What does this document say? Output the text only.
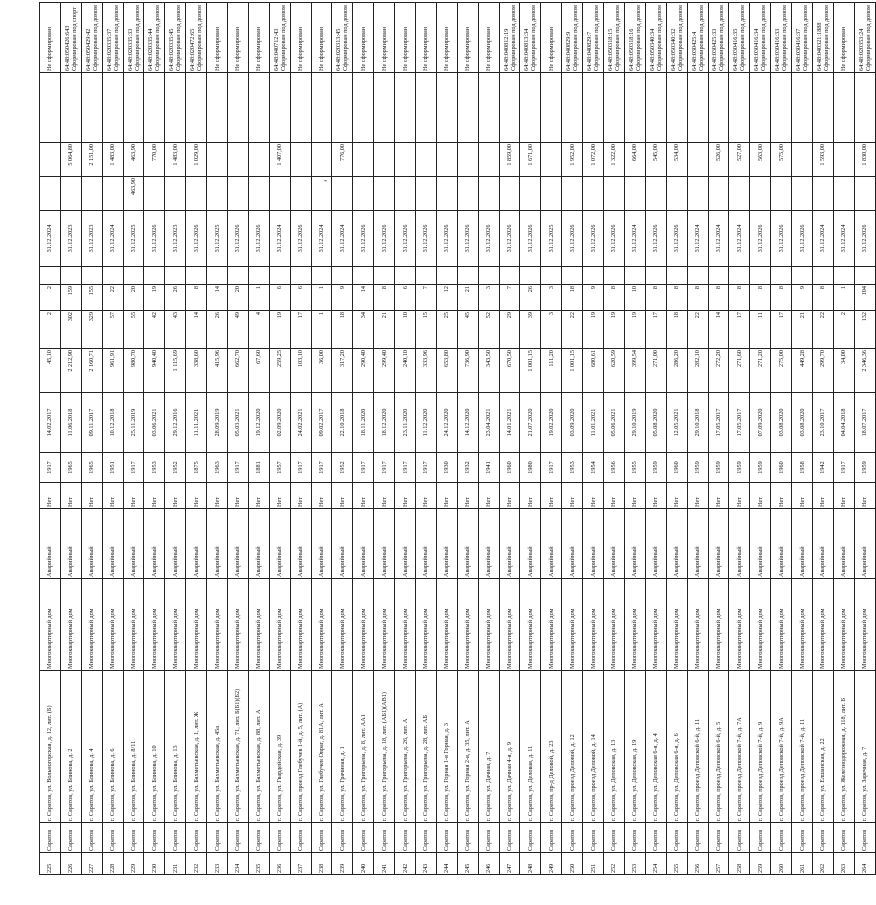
-
225	Саратов	г. Саратов, ул. Вольногорская, д. 12, лит. (Б)	Многоквартирный дом	Аварийный	Нет	1917	14.02.2017	45,10	2	2		31.12.2024				Не сформирован
226	Саратов	г. Саратов, ул. Блинова, д. 2	Многоквартирный дом	Аварийный	Нет	1965	11.06.2018	2 212,90	302	159		31.12.2023		5 064,80		64:48:050426:643 Сформирован под спорт
227	Саратов	г. Саратов, ул. Блинова, д. 4	Многоквартирный дом	Аварийный	Нет	1965	09.11.2017	2 160,71	329	155		31.12.2023		2 151,00		64:48:050429:42 Сформирован под домом
228	Саратов	г. Саратов, ул. Блинова, д. 6	Многоквартирный дом	Аварийный	Нет	1951	10.12.2018	961,91	57	22		31.12.2024		1 483,00		64:48:020335:37 Сформирован под домом
229	Саратов	г. Саратов, ул. Блинова, д. 8/11	Многоквартирный дом	Аварийный	Нет	1917	25.11.2019	980,70	55	20		31.12.2025	463,90	463,90		64:48:020335:33 Сформирован под домом
230	Саратов	г. Саратов, ул. Блинова, д. 10	Многоквартирный дом	Аварийный	Нет	1953	03.06.2021	940,40	42	19		31.12.2026		770,00		64:48:020335:44 Сформирован под домом
231	Саратов	г. Саратов, ул. Блинова, д. 13	Многоквартирный дом	Аварийный	Нет	1952	29.12.2016	1 115,69	43	26		31.12.2023		1 483,00		64:48:020335:45 Сформирован под домом
232	Саратов	г. Саратов, ул. Бахметьевская, д. 1, лит. Ж	Многоквартирный дом	Аварийный	Нет	1875	11.11.2021	338,60	14	8		31.12.2026		1 029,00		64:48:020472:65 Сформирован под домом
233	Саратов	г. Саратов, ул. Бахметьевская, д. 45а	Многоквартирный дом	Аварийный	Нет	1963	28.09.2019	415,96	26	14		31.12.2025				Не сформирован
234	Саратов	г. Саратов, ул. Бахметьевская, д. 71, лит. Б(Б1)(Б2)	Многоквартирный дом	Аварийный	Нет	1917	05.03.2021	662,70	49	20		31.12.2026				Не сформирован
235	Саратов	г. Саратов, ул. Бахметьевская, д. 88, лит. А	Многоквартирный дом	Аварийный	Нет	1881	19.12.2020	67,60	4	1		31.12.2026				Не сформирован
236	Саратов	г. Саратов, ул. Гвардейская, д. 39	Многоквартирный дом	Аварийный	Нет	1957	02.09.2020	259,25	19	6		31.12.2024		1 407,00		64:48:040712:43 Сформирован под домом
237	Саратов	г. Саратов, проезд Глебучев 1-й, д. 5, лит. (А)	Многоквартирный дом	Аварийный	Нет	1917	24.02.2021	103,10	17	6		31.12.2026				Не сформирован
238	Саратов	г. Саратов, ул. Глебучев Овраг, д. 81А, лит. А	Многоквартирный дом	Аварийный	Нет	1917	09.02.2017	36,00	1	1		31.12.2024				Не сформирован
239	Саратов	г. Саратов, ул. Грачиная, д. 1	Многоквартирный дом	Аварийный	Нет	1952	22.10.2018	317,20	18	9		31.12.2024		776,00		64:48:020313:45 Сформирован под домом
240	Саратов	г. Саратов, ул. Григорьева, д. 8, лит. АА1	Многоквартирный дом	Аварийный	Нет	1917	18.11.2020	290,40	34	14		31.12.2026				Не сформирован
241	Саратов	г. Саратов, ул. Григорьева, д. 18, лит. (АБ1)(АВ1)	Многоквартирный дом	Аварийный	Нет	1917	18.12.2020	299,40	21	8		31.12.2026				Не сформирован
242	Саратов	г. Саратов, ул. Григорьева, д. 26, лит. А	Многоквартирный дом	Аварийный	Нет	1917	23.11.2020	240,10	10	6		31.12.2026				Не сформирован
243	Саратов	г. Саратов, ул. Григорьева, д. 28, лит. АБ	Многоквартирный дом	Аварийный	Нет	1917	11.12.2020	333,96	15	7		31.12.2026				Не сформирован
244	Саратов	г. Саратов, ул. Горная 1-я Горная, д. 3	Многоквартирный дом	Аварийный	Нет	1930	24.12.2020	653,80	25	12		31.12.2026				Не сформирован
245	Саратов	г. Саратов, ул. Горная 2-я, д. 35, лит. А	Многоквартирный дом	Аварийный	Нет	1932	14.12.2020	736,90	45	21		31.12.2026				Не сформирован
246	Саратов	г. Саратов, ул. Дачная, д. 7	Многоквартирный дом	Аварийный	Нет	1941	23.04.2021	343,50	52	3		31.12.2026				Не сформирован
247	Саратов	г. Саратов, ул. Дачная 4-я, д. 9	Многоквартирный дом	Аварийный	Нет	1960	14.01.2021	670,50	29	7		31.12.2026		1 859,00		64:48:040812:19 Сформирован под домом
248	Саратов	г. Саратов, ул. Деловая, д. 11	Многоквартирный дом	Аварийный	Нет	1980	21.07.2020	1 001,15	39	26		31.12.2026		1 671,00		64:48:040813:34 Сформирован под домом
249	Саратов	г. Саратов, пр-д Деловой, д. 23	Многоквартирный дом	Аварийный	Нет	1917	19.02.2020	111,20	3	3		31.12.2025				Не сформирован
250	Саратов	г. Саратов, проезд Деловой, д. 12	Многоквартирный дом	Аварийный	Нет	1953	03.09.2020	1 001,15	22	18		31.12.2026		1 952,00		64:48:040829:9 Сформирован под домом
251	Саратов	г. Саратов, проезд Деловой, д. 14	Многоквартирный дом	Аварийный	Нет	1954	11.01.2021	680,61	19	9		31.12.2026		1 072,00		64:48:040829:7 Сформирован под домом
252	Саратов	г. Саратов, ул. Деповская, д. 13	Многоквартирный дом	Аварийный	Нет	1956	05.06.2021	620,59	19	8		31.12.2026		1 322,00		64:48:050318:15 Сформирован под домом
253	Саратов	г. Саратов, ул. Деповская, д. 19	Многоквартирный дом	Аварийный	Нет	1955	29.10.2019	399,54	19	10		31.12.2024		664,00		64:48:050318:16 Сформирован под домом
254	Саратов	г. Саратов, ул. Деповская 6-я, д. 4	Многоквартирный дом	Аварийный	Нет	1959	05.08.2020	271,00	17	8		31.12.2026		545,00		64:48:050340:34 Сформирован под домом
255	Саратов	г. Саратов, ул. Деповская 6-я, д. 6	Многоквартирный дом	Аварийный	Нет	1960	12.05.2021	286,20	18	8		31.12.2026		534,00		64:48:050340:32 Сформирован под домом
256	Саратов	г. Саратов, проезд Деповской 6-й, д. 11	Многоквартирный дом	Аварийный	Нет	1959	29.10.2018	282,10	22	8		31.12.2024				64:48:030425:4 Сформирован под домом
257	Саратов	г. Саратов, проезд Деповской 6-й, д. 5	Многоквартирный дом	Аварийный	Нет	1959	17.05.2017	272,20	14	8		31.12.2024		526,00		64:48:030425:33 Сформирован под домом
258	Саратов	г. Саратов, проезд Деповской 7-й, д. 7А	Многоквартирный дом	Аварийный	Нет	1959	17.05.2017	271,60	17	8		31.12.2024		527,00		64:48:030416:35 Сформирован под домом
259	Саратов	г. Саратов, проезд Деповской 7-й, д. 9	Многоквартирный дом	Аварийный	Нет	1959	07.09.2020	271,20	11	8		31.12.2026		563,00		64:48:030416:34 Сформирован под домом
260	Саратов	г. Саратов, проезд Деповской 7-й, д. 9А	Многоквартирный дом	Аварийный	Нет	1960	03.08.2020	275,00	17	8		31.12.2026		575,00		64:48:030416:33 Сформирован под домом
261	Саратов	г. Саратов, проезд Деповской 7-й, д. 11	Многоквартирный дом	Аварийный	Нет	1958	03.08.2020	449,28	21	9		31.12.2026				64:48:030416:37 Сформирован под домом
262	Саратов	г. Саратов, ул. Елшанская, д. 22	Многоквартирный дом	Аварийный	Нет	1942	23.10.2017	299,70	22	8		31.12.2024		1 593,00		64:48:040321:1888 Сформирован под домом
263	Саратов	г. Саратов, ул. Железнодорожная, д. 118, лит. Б	Многоквартирный дом	Аварийный	Нет	1917	04.04.2018	34,00	2	1		31.12.2024				Не сформирован
264	Саратов	г. Саратов, ул. Заречная, д. 7	Многоквартирный дом	Аварийный	Нет	1959	18.07.2017	2 346,36	132	104		31.12.2026		1 830,00		64:48:020353:24 Сформирован под домом
